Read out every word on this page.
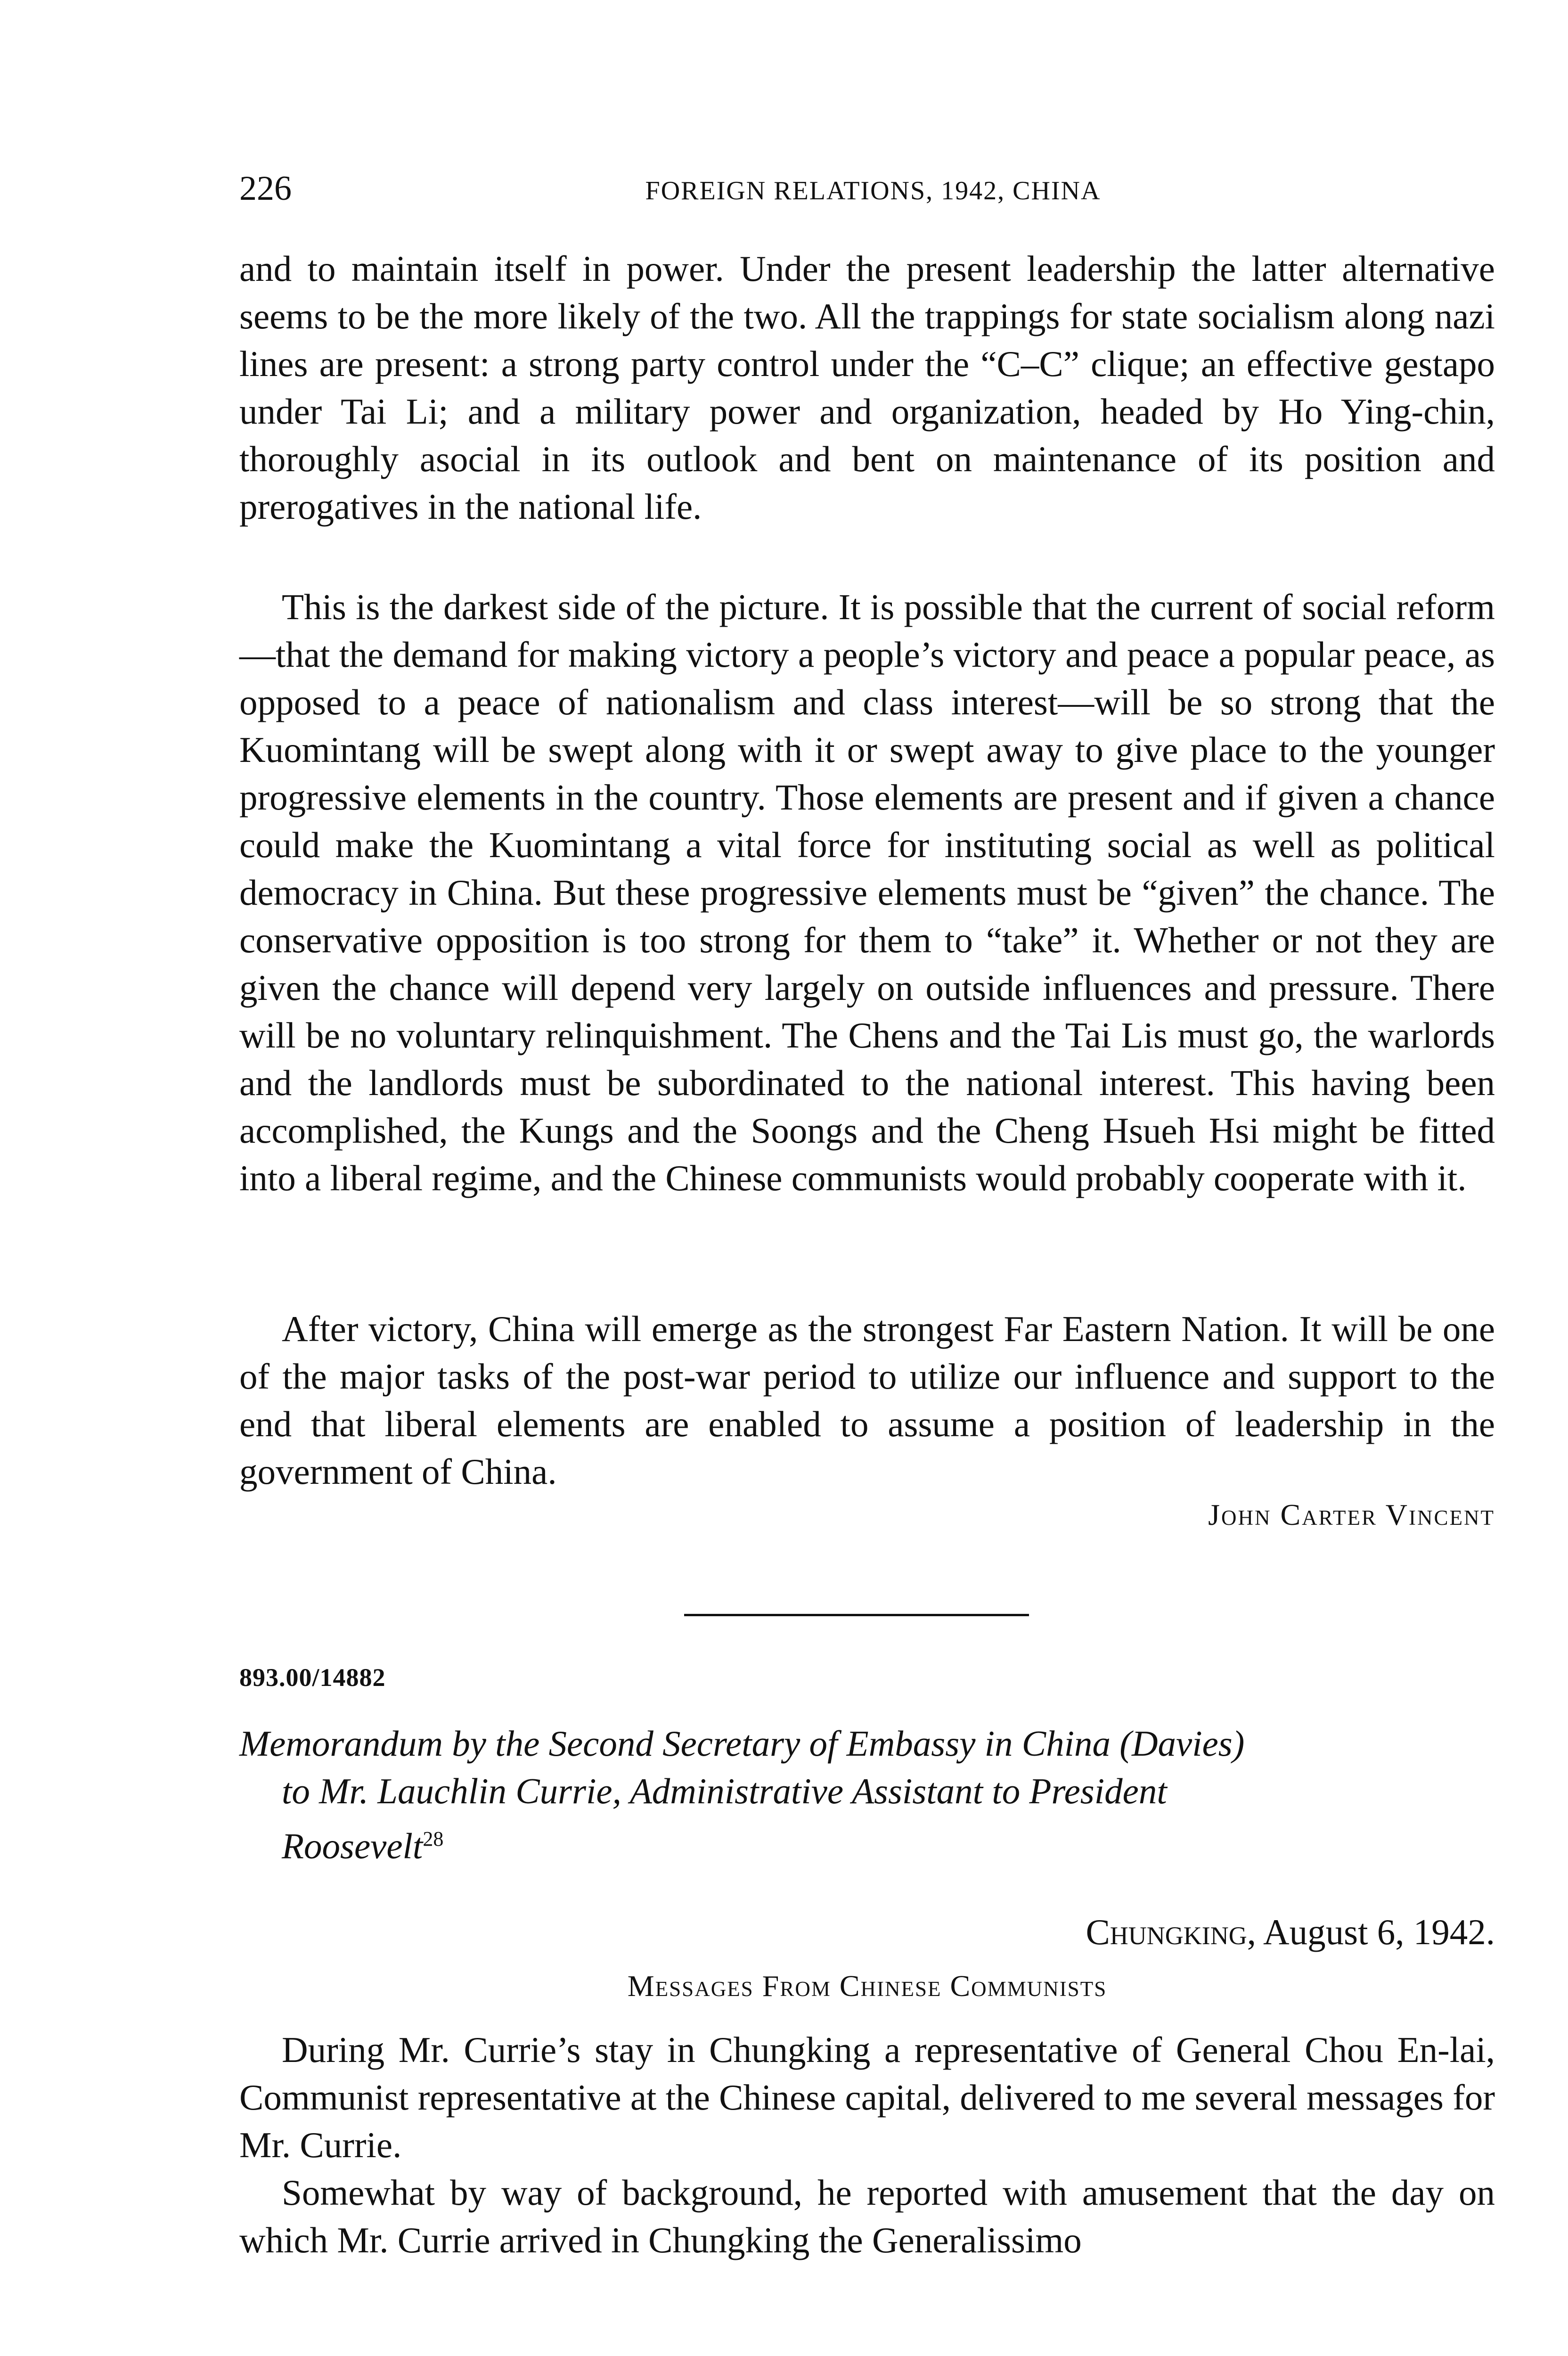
226	FOREIGN RELATIONS, 1942, CHINA

and to maintain itself in power. Under the present leadership the latter alternative seems to be the more likely of the two. All the trappings for state socialism along nazi lines are present: a strong party control under the “C–C” clique; an effective gestapo under Tai Li; and a military power and organization, headed by Ho Ying-chin, thoroughly asocial in its outlook and bent on maintenance of its position and prerogatives in the national life.

This is the darkest side of the picture. It is possible that the current of social reform—that the demand for making victory a people’s victory and peace a popular peace, as opposed to a peace of nationalism and class interest—will be so strong that the Kuomintang will be swept along with it or swept away to give place to the younger progressive elements in the country. Those elements are present and if given a chance could make the Kuomintang a vital force for instituting social as well as political democracy in China. But these progressive elements must be “given” the chance. The conservative opposition is too strong for them to “take” it. Whether or not they are given the chance will depend very largely on outside influences and pressure. There will be no voluntary relinquishment. The Chens and the Tai Lis must go, the warlords and the landlords must be subordinated to the national interest. This having been accomplished, the Kungs and the Soongs and the Cheng Hsueh Hsi might be fitted into a liberal regime, and the Chinese communists would probably cooperate with it.

After victory, China will emerge as the strongest Far Eastern Nation. It will be one of the major tasks of the post-war period to utilize our influence and support to the end that liberal elements are enabled to assume a position of leadership in the government of China.

John Carter Vincent
893.00/14882
Memorandum by the Second Secretary of Embassy in China (Davies)
to Mr. Lauchlin Currie, Administrative Assistant to President
Roosevelt$^{28}$
Chungking, August 6, 1942.
Messages From Chinese Communists

During Mr. Currie’s stay in Chungking a representative of General Chou En-lai, Communist representative at the Chinese capital, delivered to me several messages for Mr. Currie.

Somewhat by way of background, he reported with amusement that the day on which Mr. Currie arrived in Chungking the Generalissimo
